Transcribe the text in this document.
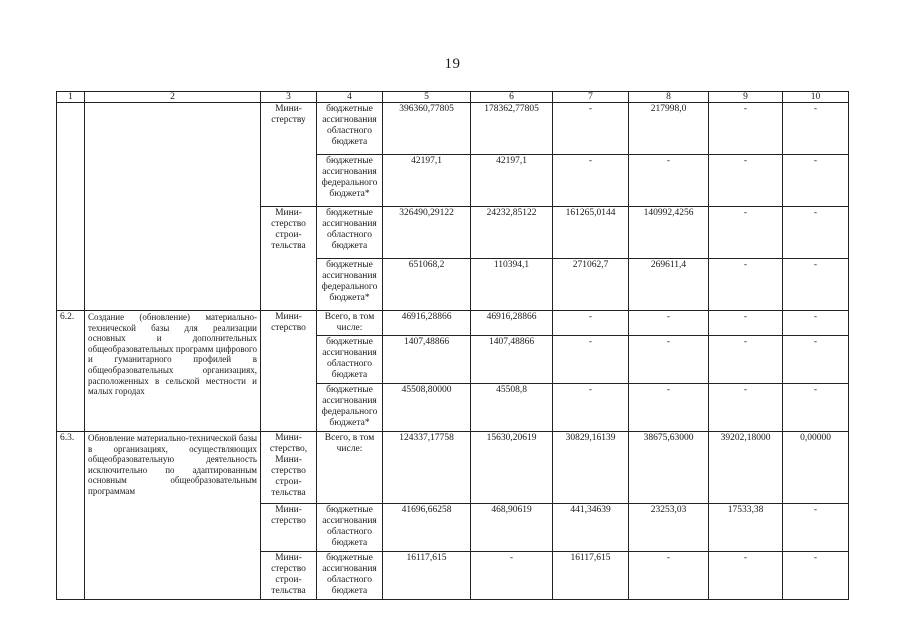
19
1	2	3	4	5	6	7	8	9	10
		Мини-стерству	бюджетные ассигнования областного бюджета	396360,77805	178362,77805	-	217998,0	-	-
			бюджетные ассигнования федерального бюджета*	42197,1	42197,1	-	-	-	-
		Мини-стерство строи-тельства	бюджетные ассигнования областного бюджета	326490,29122	24232,85122	161265,0144	140992,4256	-	-
			бюджетные ассигнования федерального бюджета*	651068,2	110394,1	271062,7	269611,4	-	-
6.2.	Создание (обновление) материально-технической базы для реализации основных и дополнительных общеобразовательных программ цифрового и гуманитарного профилей в общеобразовательных организациях, расположенных в сельской местности и малых городах	Мини-стерство	Всего, в том числе:	46916,28866	46916,28866	-	-	-	-
			бюджетные ассигнования областного бюджета	1407,48866	1407,48866	-	-	-	-
			бюджетные ассигнования федерального бюджета*	45508,80000	45508,8	-	-	-	-
6.3.	Обновление материально-технической базы в организациях, осуществляющих общеобразовательную деятельность исключительно по адаптированным основным общеобразовательным программам	Мини-стерство, Мини-стерство строи-тельства	Всего, в том числе:	124337,17758	15630,20619	30829,16139	38675,63000	39202,18000	0,00000
		Мини-стерство	бюджетные ассигнования областного бюджета	41696,66258	468,90619	441,34639	23253,03	17533,38	-
		Мини-стерство строи-тельства	бюджетные ассигнования областного бюджета	16117,615	-	16117,615	-	-	-
